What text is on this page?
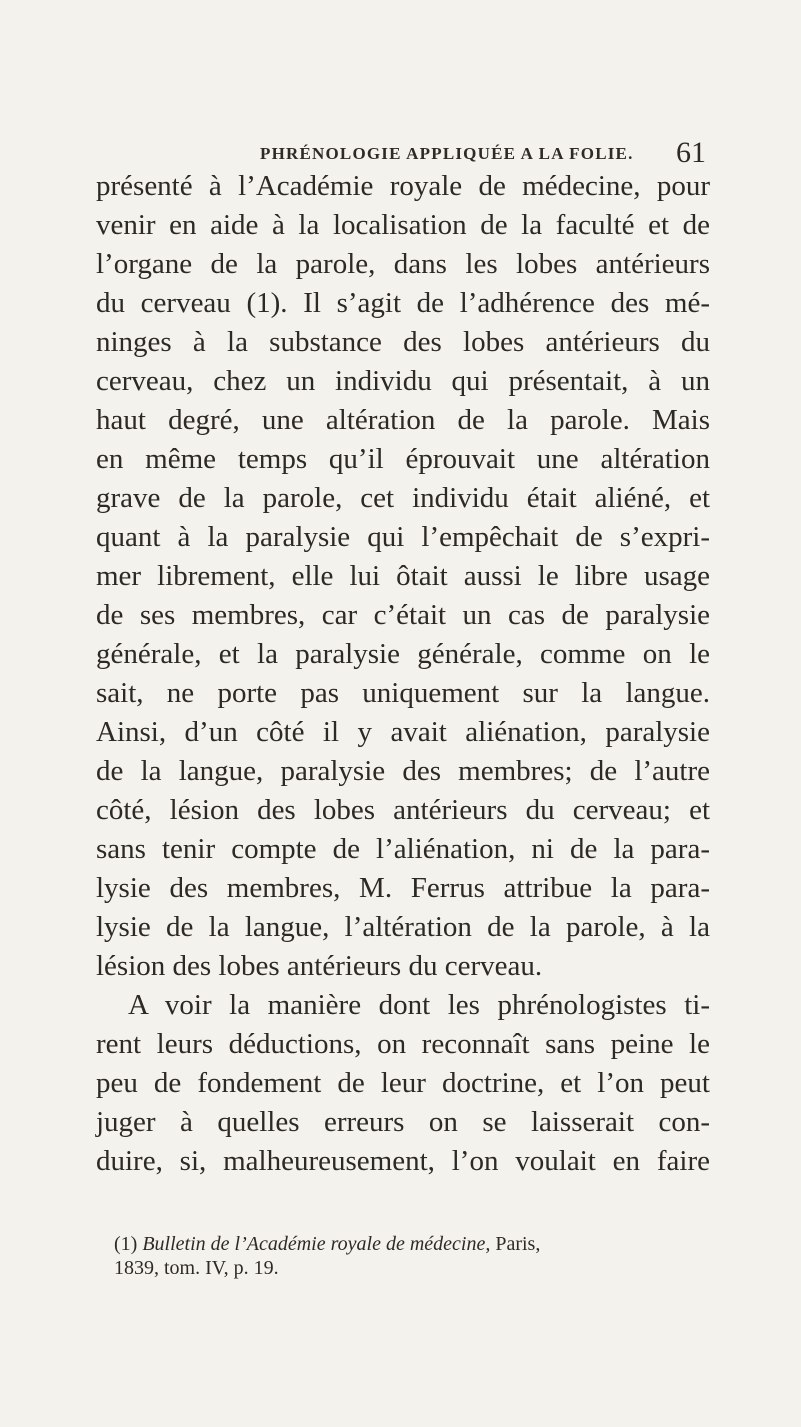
PHRÉNOLOGIE APPLIQUÉE A LA FOLIE.	61
présenté à l’Académie royale de médecine, pour
venir en aide à la localisation de la faculté et de
l’organe de la parole, dans les lobes antérieurs
du cerveau (1). Il s’agit de l’adhérence des mé-
ninges à la substance des lobes antérieurs du
cerveau, chez un individu qui présentait, à un
haut degré, une altération de la parole. Mais
en même temps qu’il éprouvait une altération
grave de la parole, cet individu était aliéné, et
quant à la paralysie qui l’empêchait de s’expri-
mer librement, elle lui ôtait aussi le libre usage
de ses membres, car c’était un cas de paralysie
générale, et la paralysie générale, comme on le
sait, ne porte pas uniquement sur la langue.
Ainsi, d’un côté il y avait aliénation, paralysie
de la langue, paralysie des membres; de l’autre
côté, lésion des lobes antérieurs du cerveau; et
sans tenir compte de l’aliénation, ni de la para-
lysie des membres, M. Ferrus attribue la para-
lysie de la langue, l’altération de la parole, à la
lésion des lobes antérieurs du cerveau.
A voir la manière dont les phrénologistes ti-
rent leurs déductions, on reconnaît sans peine le
peu de fondement de leur doctrine, et l’on peut
juger à quelles erreurs on se laisserait con-
duire, si, malheureusement, l’on voulait en faire
(1) Bulletin de l’Académie royale de médecine, Paris,
1839, tom. IV, p. 19.
